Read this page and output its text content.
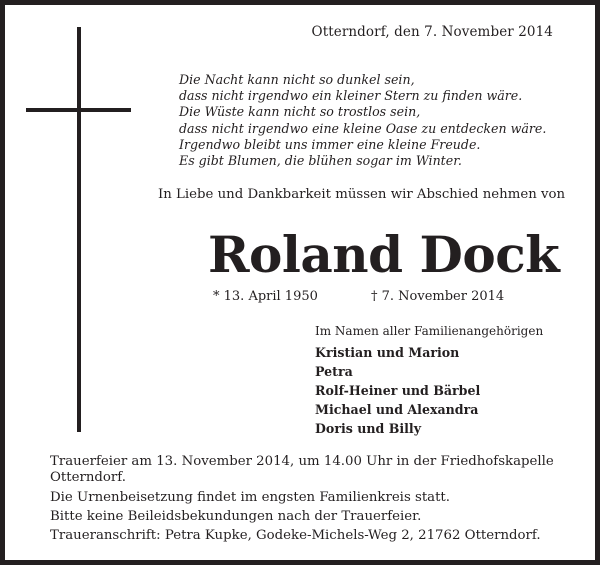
Otterndorf, den 7. November 2014
Die Nacht kann nicht so dunkel sein,
dass nicht irgendwo ein kleiner Stern zu finden wäre.
Die Wüste kann nicht so trostlos sein,
dass nicht irgendwo eine kleine Oase zu entdecken wäre.
Irgendwo bleibt uns immer eine kleine Freude.
Es gibt Blumen, die blühen sogar im Winter.
In Liebe und Dankbarkeit müssen wir Abschied nehmen von
Roland Dock
* 13. April 1950	† 7. November 2014
Im Namen aller Familienangehörigen
Kristian und Marion
Petra
Rolf-Heiner und Bärbel
Michael und Alexandra
Doris und Billy
Trauerfeier am 13. November 2014, um 14.00 Uhr in der Friedhofskapelle Otterndorf.
Die Urnenbeisetzung findet im engsten Familienkreis statt.
Bitte keine Beileidsbekundungen nach der Trauerfeier.
Traueranschrift: Petra Kupke, Godeke-Michels-Weg 2, 21762 Otterndorf.
